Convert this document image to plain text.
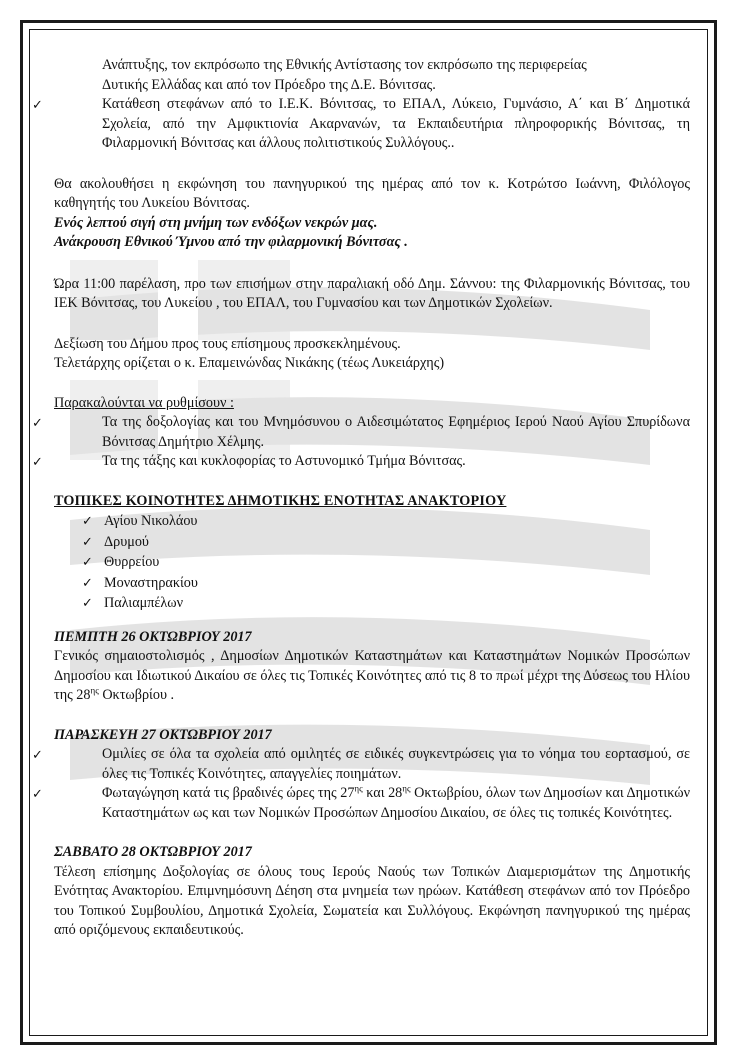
Ανάπτυξης, τον εκπρόσωπο της Εθνικής Αντίστασης τον εκπρόσωπο της περιφερείας

Δυτικής Ελλάδας και από τον Πρόεδρο της Δ.Ε. Βόνιτσας.

✓	Κατάθεση στεφάνων από το Ι.Ε.Κ. Βόνιτσας, το ΕΠΑΛ, Λύκειο, Γυμνάσιο, Α΄ και Β΄ Δημοτικά Σχολεία, από την Αμφικτιονία Ακαρνανών, τα Εκπαιδευτήρια πληροφορικής Βόνιτσας, τη Φιλαρμονική Βόνιτσας και άλλους πολιτιστικούς Συλλόγους..

Θα ακολουθήσει η εκφώνηση του πανηγυρικού της ημέρας από τον κ. Κοτρώτσο Ιωάννη, Φιλόλογος καθηγητής του Λυκείου Βόνιτσας.

Ενός λεπτού σιγή στη μνήμη των ενδόξων νεκρών μας.

Ανάκρουση Εθνικού Ύμνου από την φιλαρμονική Βόνιτσας .

Ώρα 11:00 παρέλαση, προ των επισήμων στην παραλιακή οδό Δημ. Σάννου: της Φιλαρμονικής Βόνιτσας, του ΙΕΚ Βόνιτσας, του Λυκείου , του ΕΠΑΛ, του Γυμνασίου και των Δημοτικών Σχολείων.

Δεξίωση του Δήμου προς τους επίσημους προσκεκλημένους.

Τελετάρχης ορίζεται ο κ. Επαμεινώνδας Νικάκης (τέως Λυκειάρχης)

Παρακαλούνται να ρυθμίσουν :

✓	Τα της δοξολογίας και του Μνημόσυνου ο Αιδεσιμώτατος Εφημέριος Ιερού Ναού Αγίου Σπυρίδωνα Βόνιτσας Δημήτριο Χέλμης.

✓	Τα της τάξης και κυκλοφορίας το Αστυνομικό Τμήμα Βόνιτσας.

ΤΟΠΙΚΕΣ ΚΟΙΝΟΤΗΤΕΣ ΔΗΜΟΤΙΚΗΣ ΕΝΟΤΗΤΑΣ ΑΝΑΚΤΟΡΙΟΥ

✓ Αγίου Νικολάου
✓ Δρυμού
✓ Θυρρείου
✓ Μοναστηρακίου
✓ Παλιαμπέλων

ΠΕΜΠΤΗ 26 ΟΚΤΩΒΡΙΟΥ 2017

Γενικός σημαιοστολισμός , Δημοσίων Δημοτικών Καταστημάτων και Καταστημάτων Νομικών Προσώπων Δημοσίου και Ιδιωτικού Δικαίου σε όλες τις Τοπικές Κοινότητες από τις 8 το πρωί μέχρι της Δύσεως του Ηλίου της $28^{\eta\varsigma}$ Οκτωβρίου .

ΠΑΡΑΣΚΕΥΗ 27 ΟΚΤΩΒΡΙΟΥ 2017

✓	Ομιλίες σε όλα τα σχολεία από ομιλητές σε ειδικές συγκεντρώσεις για το νόημα του εορτασμού, σε όλες τις Τοπικές Κοινότητες, απαγγελίες ποιημάτων.

✓	Φωταγώγηση κατά τις βραδινές ώρες της $27^{\eta\varsigma}$ και $28^{\eta\varsigma}$ Οκτωβρίου, όλων των Δημοσίων και Δημοτικών Καταστημάτων ως και των Νομικών Προσώπων Δημοσίου Δικαίου, σε όλες τις τοπικές Κοινότητες.

ΣΑΒΒΑΤΟ 28 ΟΚΤΩΒΡΙΟΥ 2017

Τέλεση επίσημης Δοξολογίας σε όλους τους Ιερούς Ναούς των Τοπικών Διαμερισμάτων της Δημοτικής Ενότητας Ανακτορίου. Επιμνημόσυνη Δέηση στα μνημεία των ηρώων. Κατάθεση στεφάνων από τον Πρόεδρο του Τοπικού Συμβουλίου, Δημοτικά Σχολεία, Σωματεία και Συλλόγους. Εκφώνηση πανηγυρικού της ημέρας από οριζόμενους εκπαιδευτικούς.
